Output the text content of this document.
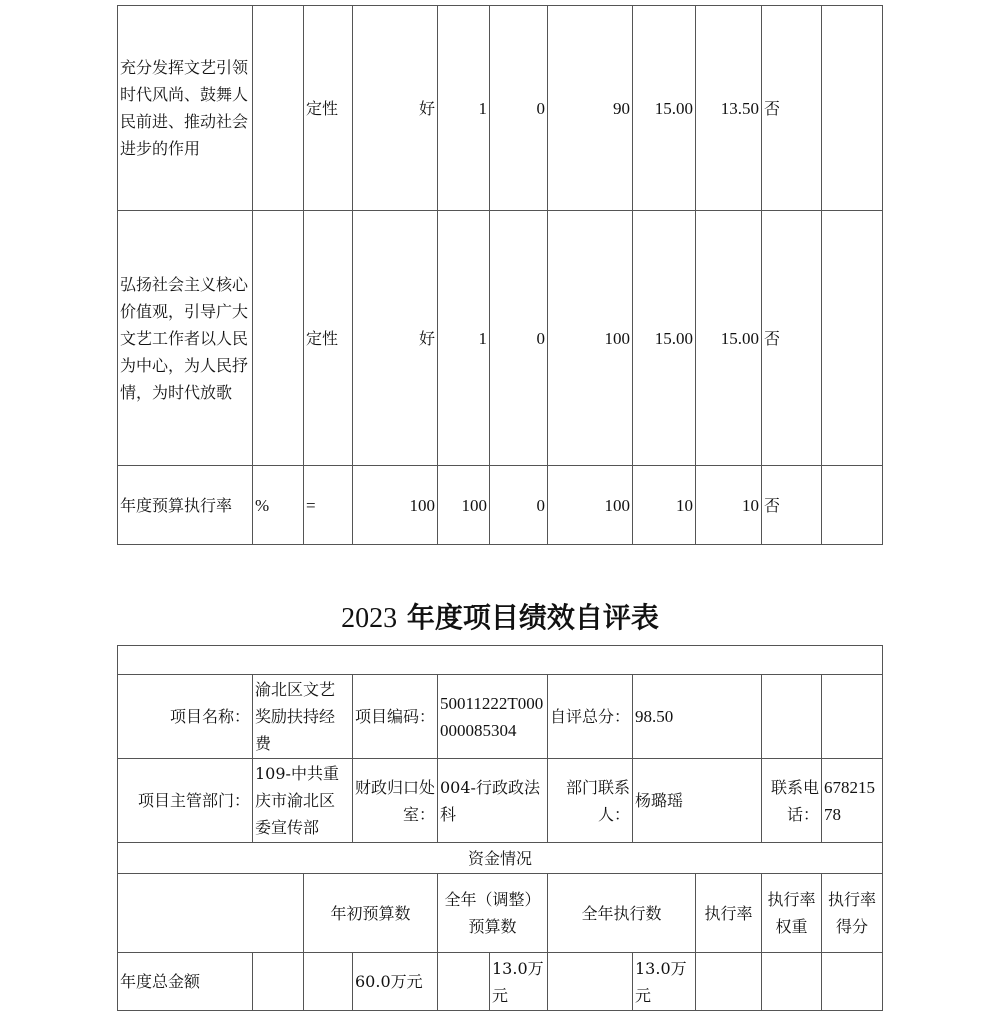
充分发挥文艺引领时代风尚、鼓舞人民前进、推动社会进步的作用		定性	好	1	0	90	15.00	13.50	否	
弘扬社会主义核心价值观，引导广大文艺工作者以人民为中心，为人民抒情，为时代放歌		定性	好	1	0	100	15.00	15.00	否	
年度预算执行率	%	=	100	100	0	100	10	10	否	
2023 年度项目绩效自评表

项目名称：	渝北区文艺奖励扶持经费		项目编码：	50011222T000000085304		自评总分：	98.50			
项目主管部门：	109-中共重庆市渝北区委宣传部		财政归口处室：	004-行政政法科		部门联系人：	杨璐瑶		联系电话：	67821578
资金情况										
		年初预算数		全年（调整）预算数		全年执行数		执行率	执行率权重	执行率得分
年度总金额			60.0万元		13.0万元		13.0万元			
